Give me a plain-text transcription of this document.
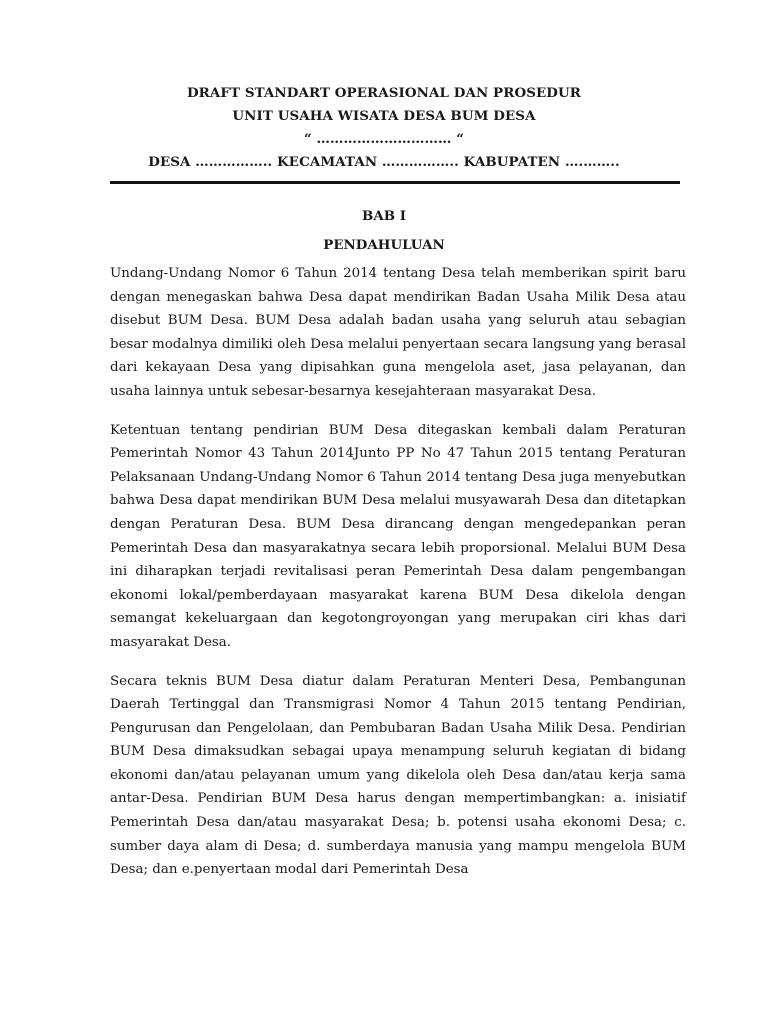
DRAFT STANDART OPERASIONAL DAN PROSEDUR
UNIT USAHA WISATA DESA BUM DESA
“ ………………………… “
DESA …………….. KECAMATAN …………….. KABUPATEN ….……..
BAB I
PENDAHULUAN

Undang-Undang Nomor 6 Tahun 2014 tentang Desa telah memberikan spirit baru dengan menegaskan bahwa Desa dapat mendirikan Badan Usaha Milik Desa atau disebut BUM Desa. BUM Desa adalah badan usaha yang seluruh atau sebagian besar modalnya dimiliki oleh Desa melalui penyertaan secara langsung yang berasal dari kekayaan Desa yang dipisahkan guna mengelola aset, jasa pelayanan, dan usaha lainnya untuk sebesar-besarnya kesejahteraan masyarakat Desa.

Ketentuan tentang pendirian BUM Desa ditegaskan kembali dalam Peraturan Pemerintah Nomor 43 Tahun 2014Junto PP No 47 Tahun 2015 tentang Peraturan Pelaksanaan Undang-Undang Nomor 6 Tahun 2014 tentang Desa juga menyebutkan bahwa Desa dapat mendirikan BUM Desa melalui musyawarah Desa dan ditetapkan dengan Peraturan Desa. BUM Desa dirancang dengan mengedepankan peran Pemerintah Desa dan masyarakatnya secara lebih proporsional. Melalui BUM Desa ini diharapkan terjadi revitalisasi peran Pemerintah Desa dalam pengembangan ekonomi lokal/pemberdayaan masyarakat karena BUM Desa dikelola dengan semangat kekeluargaan dan kegotongroyongan yang merupakan ciri khas dari masyarakat Desa.

Secara teknis BUM Desa diatur dalam Peraturan Menteri Desa, Pembangunan Daerah Tertinggal dan Transmigrasi Nomor 4 Tahun 2015 tentang Pendirian, Pengurusan dan Pengelolaan, dan Pembubaran Badan Usaha Milik Desa. Pendirian BUM Desa dimaksudkan sebagai upaya menampung seluruh kegiatan di bidang ekonomi dan/atau pelayanan umum yang dikelola oleh Desa dan/atau kerja sama antar-Desa. Pendirian BUM Desa harus dengan mempertimbangkan: a. inisiatif Pemerintah Desa dan/atau masyarakat Desa; b. potensi usaha ekonomi Desa; c. sumber daya alam di Desa; d. sumberdaya manusia yang mampu mengelola BUM Desa; dan e.penyertaan modal dari Pemerintah Desa
